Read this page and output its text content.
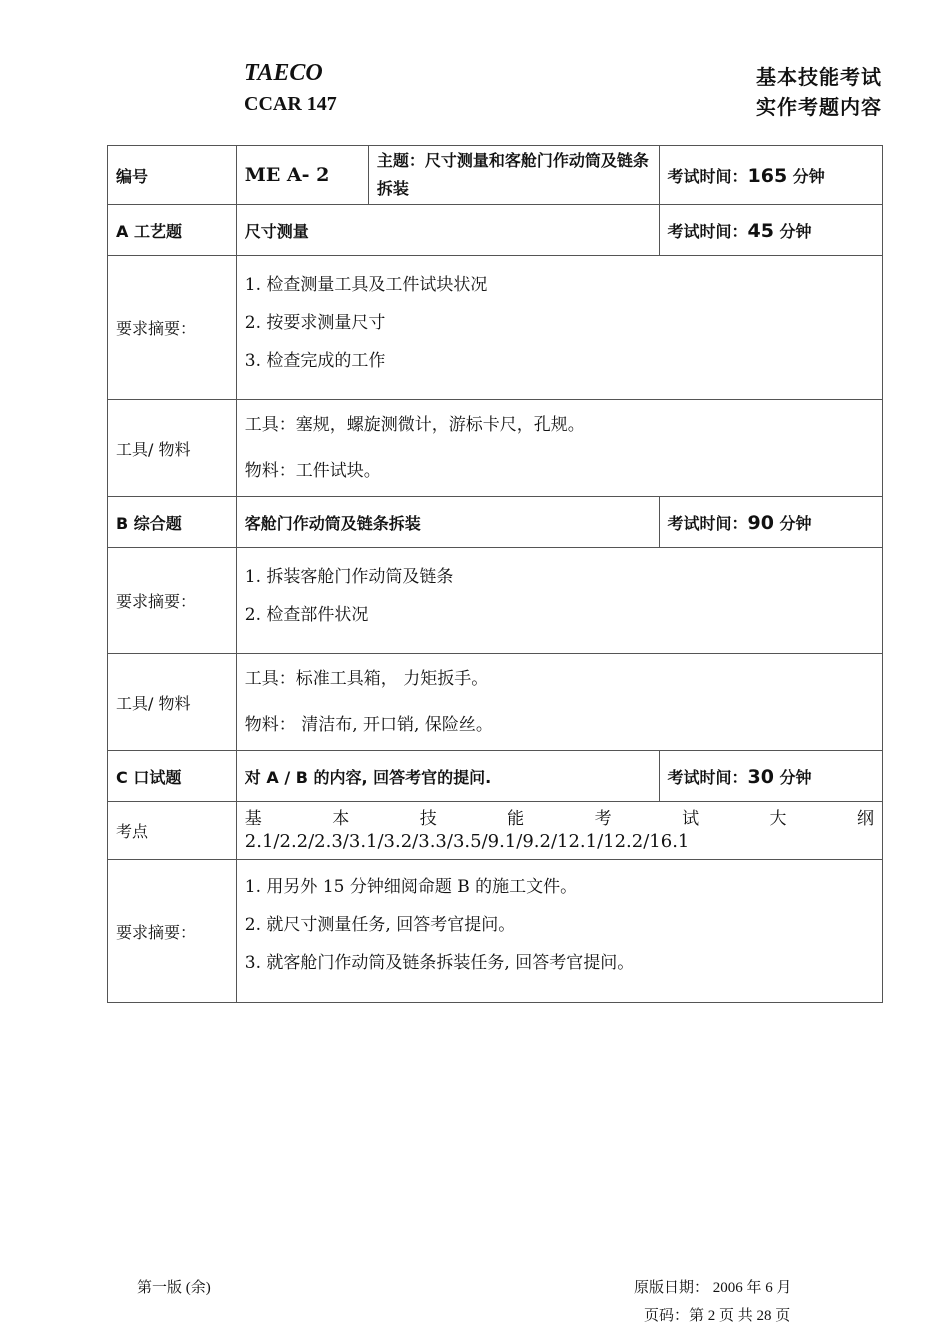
TAECO
CCAR 147
基本技能考试
实作考题内容
编号	ME A- 2	主题：尺寸测量和客舱门作动筒及链条拆装	考试时间：165 分钟
A 工艺题	尺寸测量		考试时间：45 分钟
要求摘要：	1. 检查测量工具及工件试块状况

2. 按要求测量尺寸

3. 检查完成的工作		

工具/ 物料	工具：塞规，螺旋测微计，游标卡尺，孔规。

物料：工件试块。		

B 综合题	客舱门作动筒及链条拆装		考试时间：90 分钟
要求摘要：	1. 拆装客舱门作动筒及链条

2. 检查部件状况		

工具/ 物料	工具：标准工具箱， 力矩扳手。

物料： 清洁布, 开口销, 保险丝。		

C 口试题	对 A / B 的内容, 回答考官的提问.		考试时间：30 分钟
考点	基 本 技 能 考 试 大 纲
2.1/2.2/2.3/3.1/3.2/3.3/3.5/9.1/9.2/12.1/12.2/16.1		

要求摘要：	1. 用另外 15 分钟细阅命题 B 的施工文件。

2. 就尺寸测量任务, 回答考官提问。

3. 就客舱门作动筒及链条拆装任务, 回答考官提问。		

第一版 (余)	原版日期： 2006 年 6 月
页码：第 2 页 共 28 页
